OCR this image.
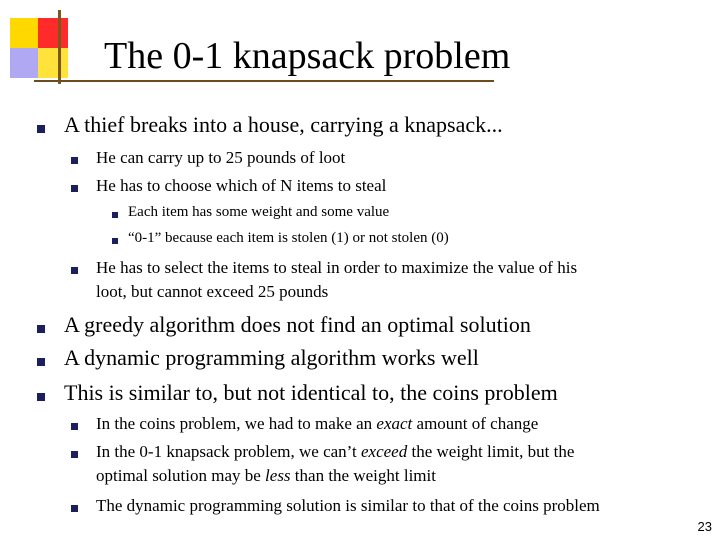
The 0-1 knapsack problem
A thief breaks into a house, carrying a knapsack...
He can carry up to 25 pounds of loot
He has to choose which of N items to steal
Each item has some weight and some value
“0-1” because each item is stolen (1) or not stolen (0)
He has to select the items to steal in order to maximize the value of his
loot, but cannot exceed 25 pounds
A greedy algorithm does not find an optimal solution
A dynamic programming algorithm works well
This is similar to, but not identical to, the coins problem
In the coins problem, we had to make an exact amount of change
In the 0-1 knapsack problem, we can’t exceed the weight limit, but the
optimal solution may be less than the weight limit
The dynamic programming solution is similar to that of the coins problem
23
